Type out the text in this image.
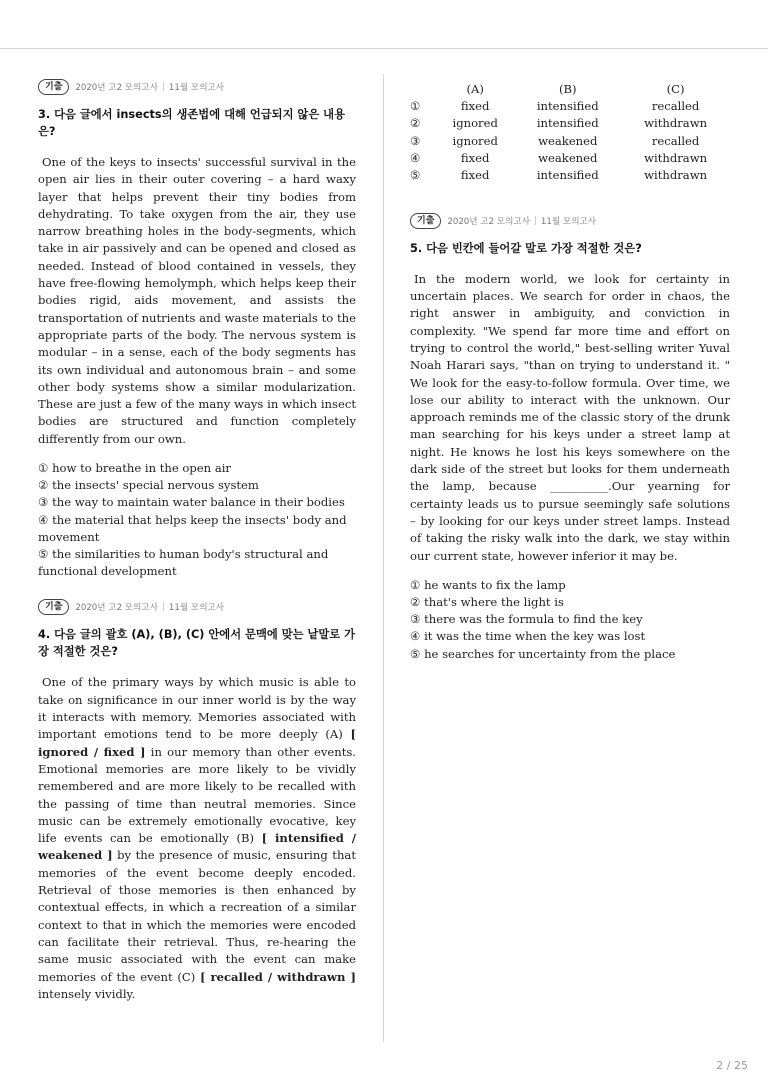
기출	2020년 고2 모의고사 | 11월 모의고사
3. 다음 글에서 insects의 생존법에 대해 언급되지 않은 내용은?

One of the keys to insects' successful survival in the open air lies in their outer covering – a hard waxy layer that helps prevent their tiny bodies from dehydrating. To take oxygen from the air, they use narrow breathing holes in the body-segments, which take in air passively and can be opened and closed as needed. Instead of blood contained in vessels, they have free-flowing hemolymph, which helps keep their bodies rigid, aids movement, and assists the transportation of nutrients and waste materials to the appropriate parts of the body. The nervous system is modular – in a sense, each of the body segments has its own individual and autonomous brain – and some other body systems show a similar modularization. These are just a few of the many ways in which insect bodies are structured and function completely differently from our own.

① how to breathe in the open air

② the insects' special nervous system

③ the way to maintain water balance in their bodies

④ the material that helps keep the insects' body and movement

⑤ the similarities to human body's structural and functional development

기출	2020년 고2 모의고사 | 11월 모의고사
4. 다음 글의 괄호 (A), (B), (C) 안에서 문맥에 맞는 낱말로 가장 적절한 것은?

One of the primary ways by which music is able to take on significance in our inner world is by the way it interacts with memory. Memories associated with important emotions tend to be more deeply (A) [ ignored / fixed ] in our memory than other events. Emotional memories are more likely to be vividly remembered and are more likely to be recalled with the passing of time than neutral memories. Since music can be extremely emotionally evocative, key life events can be emotionally (B) [ intensified / weakened ] by the presence of music, ensuring that memories of the event become deeply encoded. Retrieval of those memories is then enhanced by contextual effects, in which a recreation of a similar context to that in which the memories were encoded can facilitate their retrieval. Thus, re-hearing the same music associated with the event can make memories of the event (C) [ recalled / withdrawn ] intensely vividly.

	(A)	(B)	(C)
①	fixed	intensified	recalled
②	ignored	intensified	withdrawn
③	ignored	weakened	recalled
④	fixed	weakened	withdrawn
⑤	fixed	intensified	withdrawn
기출	2020년 고2 모의고사 | 11월 모의고사
5. 다음 빈칸에 들어갈 말로 가장 적절한 것은?

In the modern world, we look for certainty in uncertain places. We search for order in chaos, the right answer in ambiguity, and conviction in complexity. "We spend far more time and effort on trying to control the world," best-selling writer Yuval Noah Harari says, "than on trying to understand it. " We look for the easy-to-follow formula. Over time, we lose our ability to interact with the unknown. Our approach reminds me of the classic story of the drunk man searching for his keys under a street lamp at night. He knows he lost his keys somewhere on the dark side of the street but looks for them underneath the lamp, because __________.Our yearning for certainty leads us to pursue seemingly safe solutions – by looking for our keys under street lamps. Instead of taking the risky walk into the dark, we stay within our current state, however inferior it may be.

① he wants to fix the lamp

② that's where the light is

③ there was the formula to find the key

④ it was the time when the key was lost

⑤ he searches for uncertainty from the place

2 / 25
